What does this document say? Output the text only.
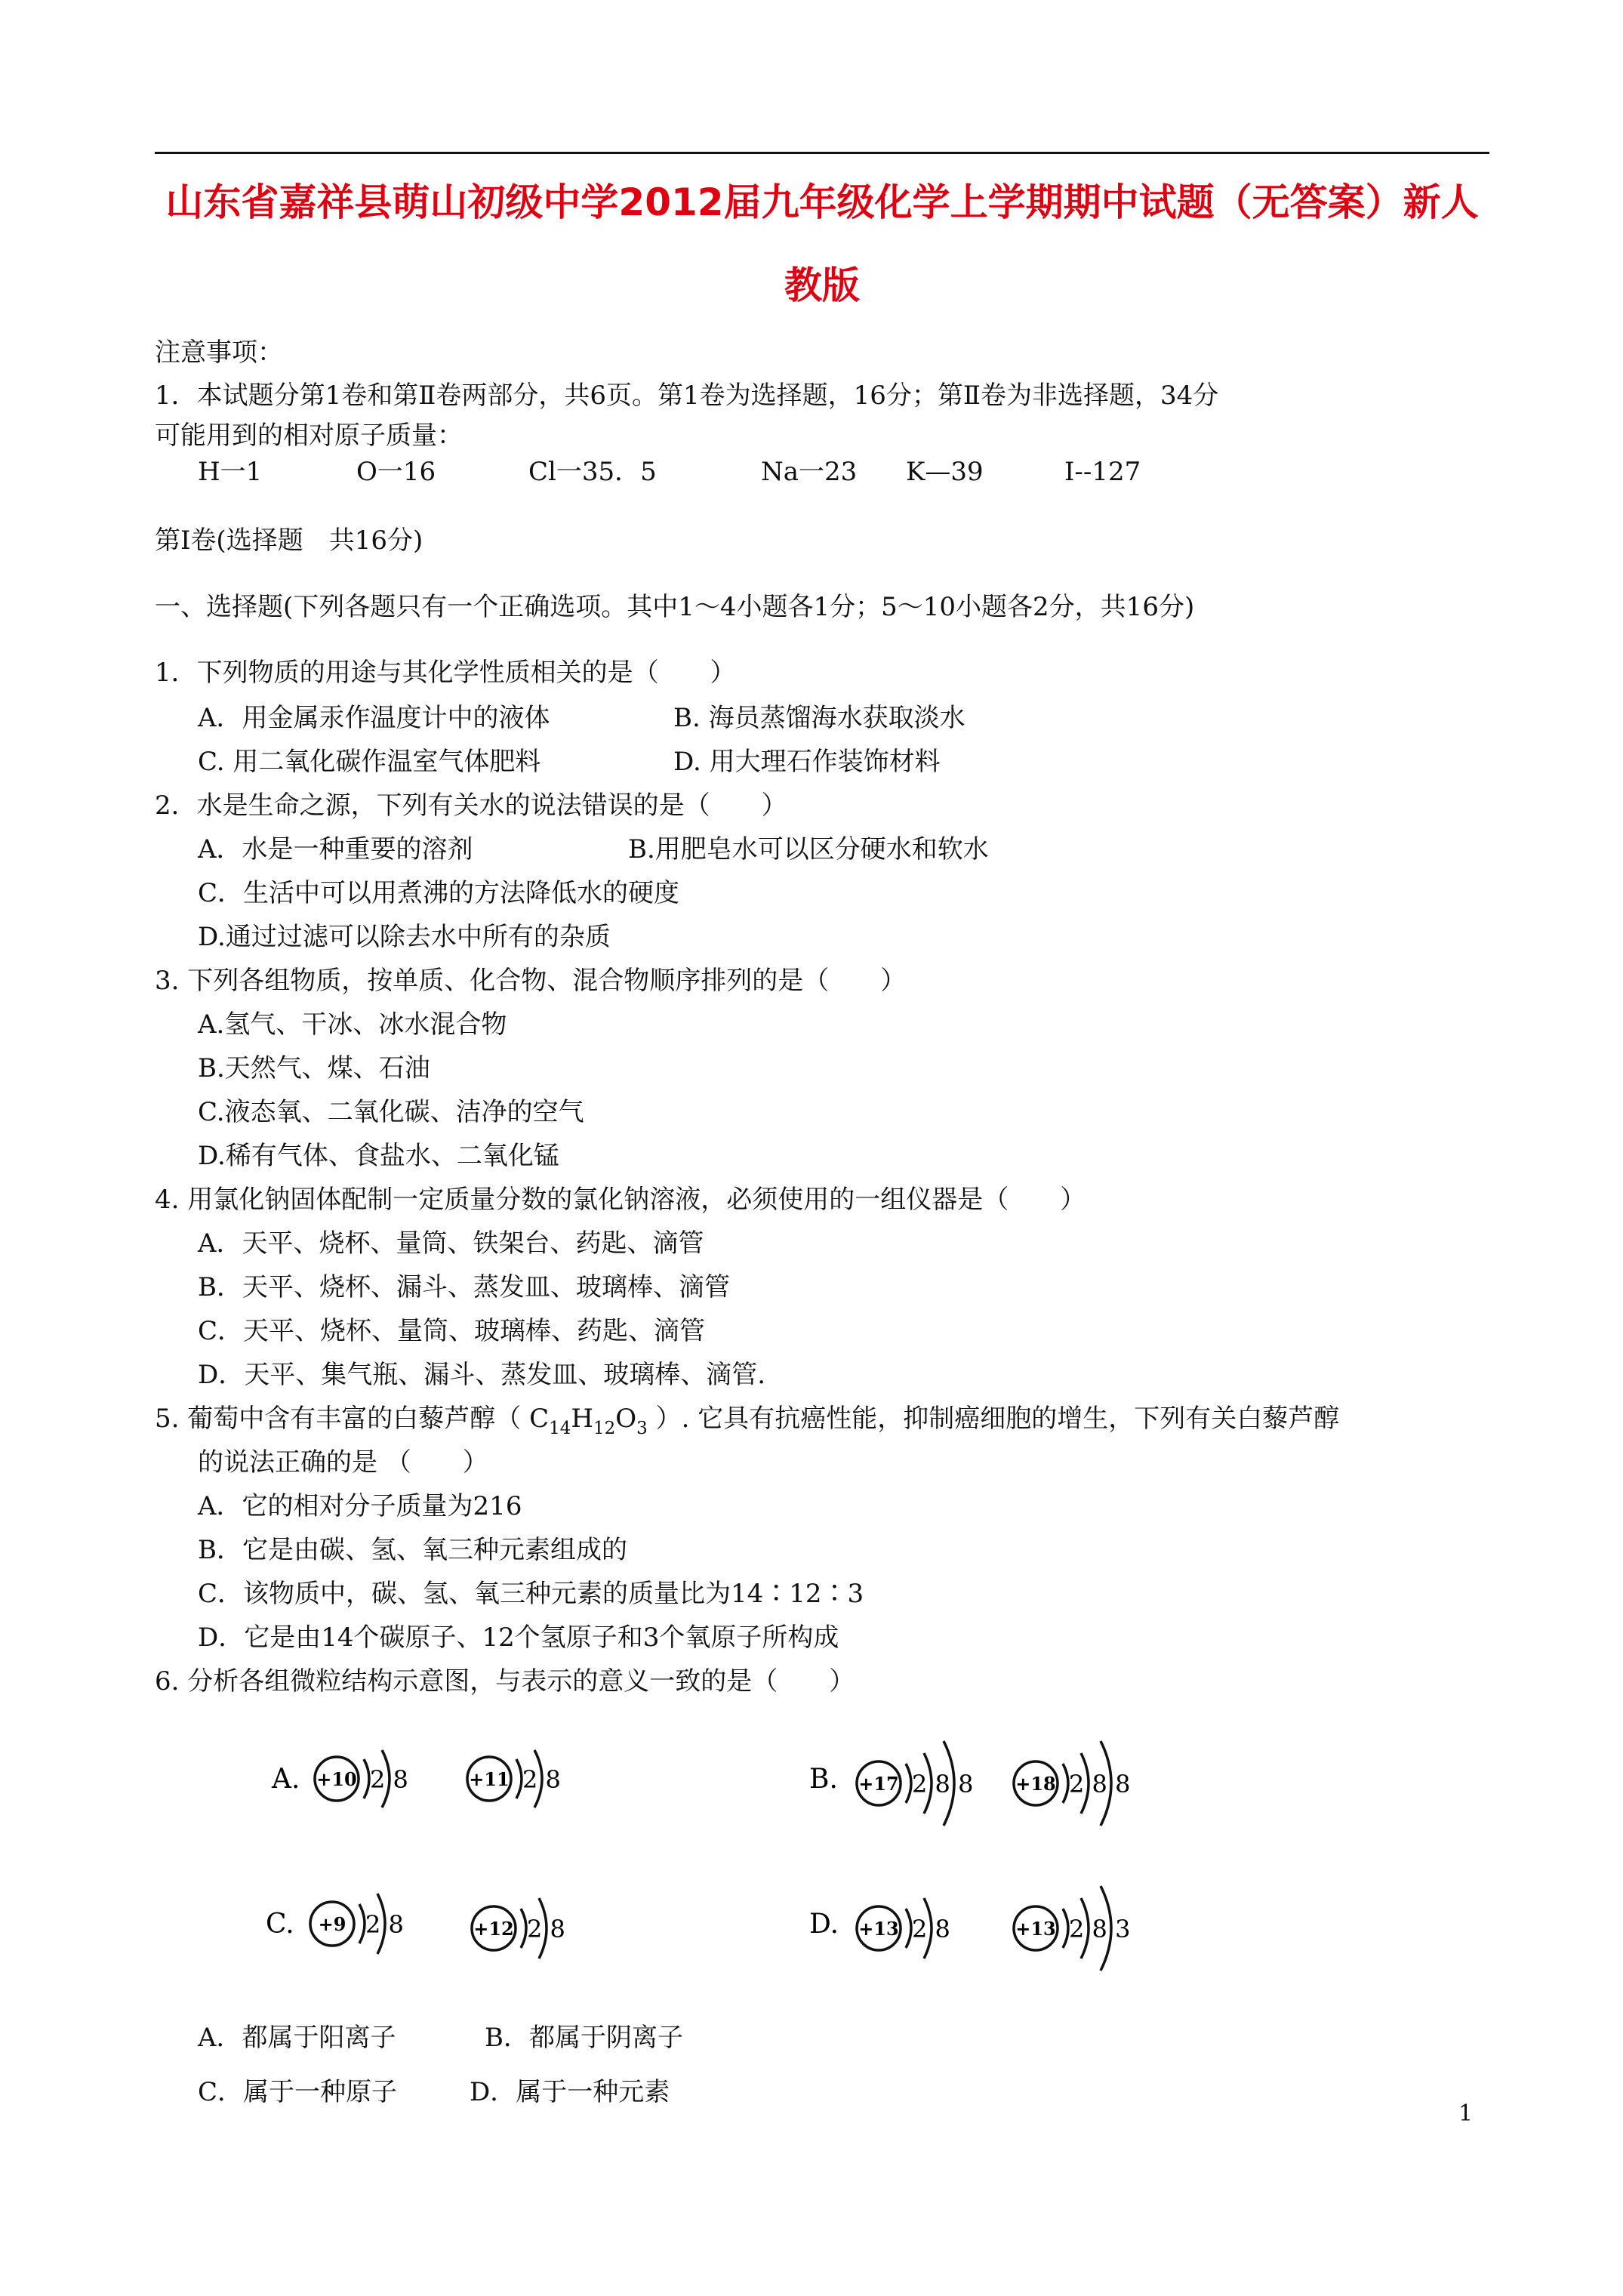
山东省嘉祥县萌山初级中学2012届九年级化学上学期期中试题（无答案）新人
教版
注意事项：
1．本试题分第1卷和第Ⅱ卷两部分，共6页。第1卷为选择题，16分；第Ⅱ卷为非选择题，34分
可能用到的相对原子质量：
H一1	O一16	Cl一35．5	Na一23 K—39	I--127
第Ⅰ卷(选择题　共16分)
一、选择题(下列各题只有一个正确选项。其中1～4小题各1分；5～10小题各2分，共16分)
1．下列物质的用途与其化学性质相关的是（　　）
A．用金属汞作温度计中的液体	B. 海员蒸馏海水获取淡水
C. 用二氧化碳作温室气体肥料	D. 用大理石作装饰材料
2．水是生命之源，下列有关水的说法错误的是（　　）
A．水是一种重要的溶剂	B.用肥皂水可以区分硬水和软水
C．生活中可以用煮沸的方法降低水的硬度
D.通过过滤可以除去水中所有的杂质
3. 下列各组物质，按单质、化合物、混合物顺序排列的是（　　）
A.氢气、干冰、冰水混合物
B.天然气、煤、石油
C.液态氧、二氧化碳、洁净的空气
D.稀有气体、食盐水、二氧化锰
4. 用氯化钠固体配制一定质量分数的氯化钠溶液，必须使用的一组仪器是（　　）
A．天平、烧杯、量筒、铁架台、药匙、滴管
B．天平、烧杯、漏斗、蒸发皿、玻璃棒、滴管
C．天平、烧杯、量筒、玻璃棒、药匙、滴管
D．天平、集气瓶、漏斗、蒸发皿、玻璃棒、滴管.
5. 葡萄中含有丰富的白藜芦醇（ $C_{14}H_{12}O_3$ ）. 它具有抗癌性能，抑制癌细胞的增生，下列有关白藜芦醇
的说法正确的是 （　　）
A．它的相对分子质量为216
B．它是由碳、氢、氧三种元素组成的
C．该物质中，碳、氢、氧三种元素的质量比为14∶12∶3
D．它是由14个碳原子、12个氢原子和3个氧原子所构成
6. 分析各组微粒结构示意图，与表示的意义一致的是（　　）
A.	B.
C.	D.
+10	+11	+17	+18
+9	+12	+13	+13
2 8	2 8	2 8 8	2 8 8
2 8	2 8	2 8	2 8 3
A．都属于阳离子	B．都属于阴离子
C．属于一种原子	D．属于一种元素
1
